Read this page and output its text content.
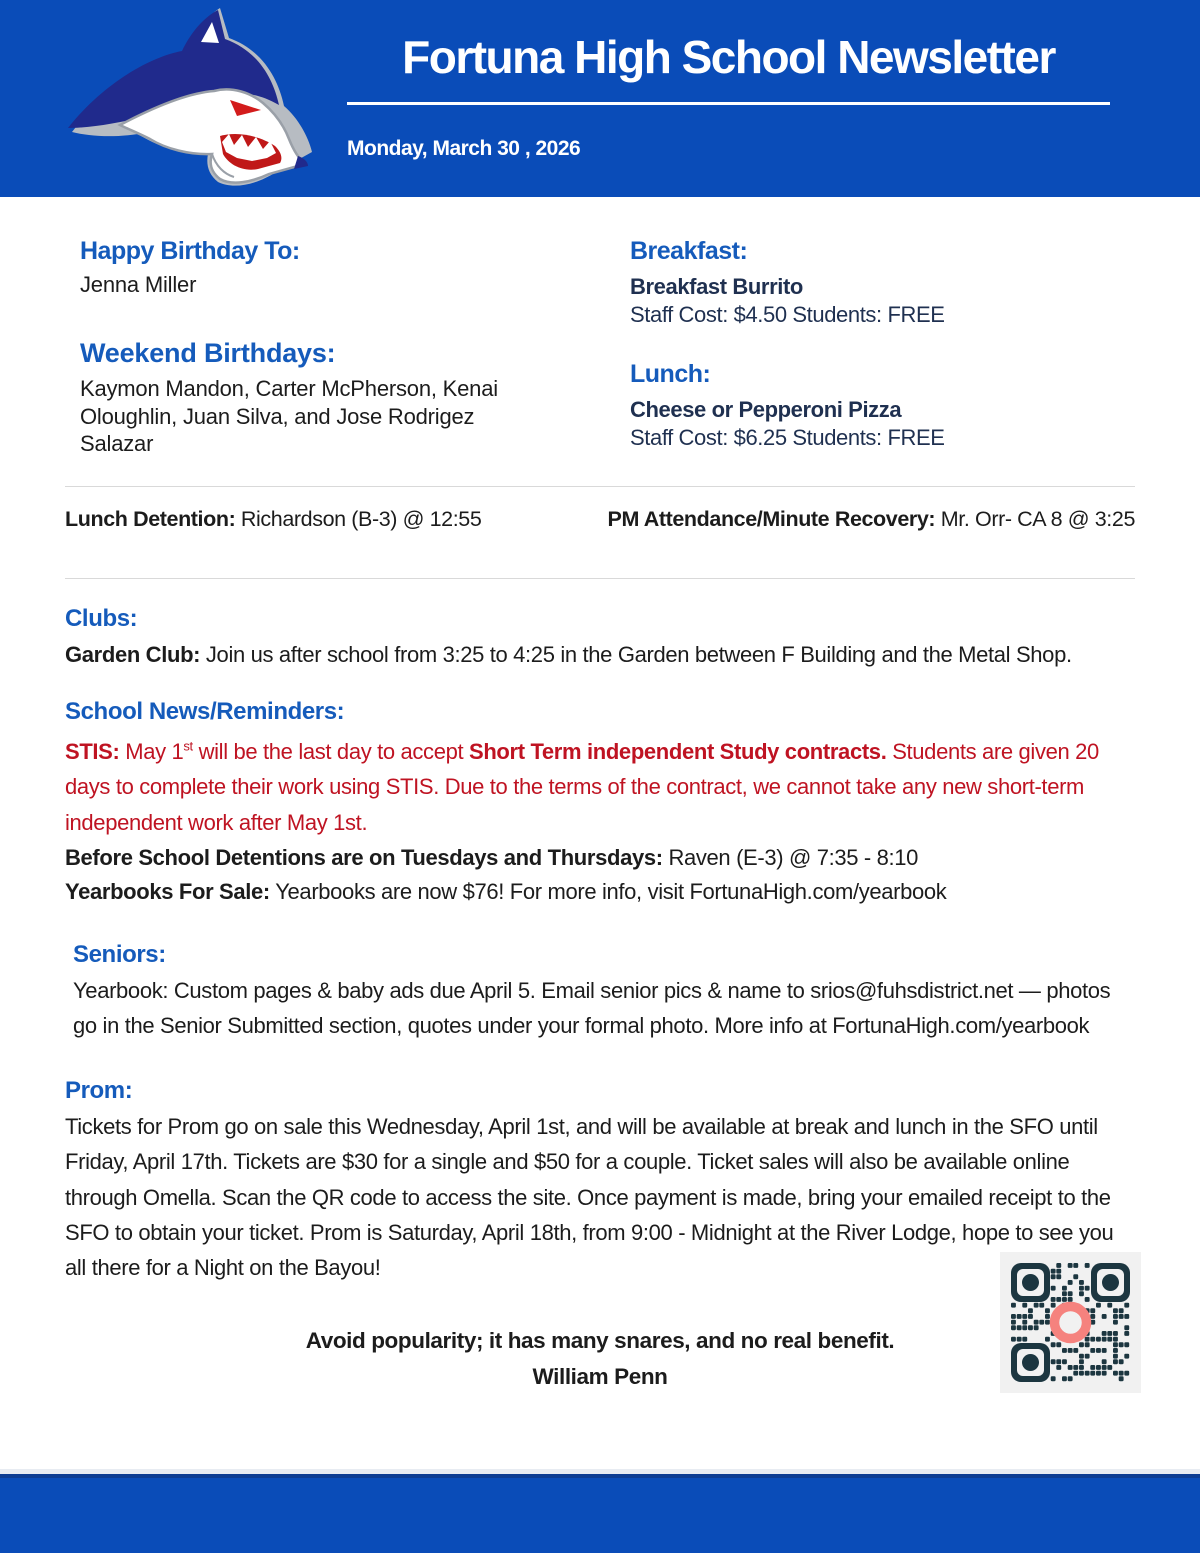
Fortuna High School Newsletter
Monday, March 30 , 2026
Happy Birthday To:
Jenna Miller
Weekend Birthdays:
Kaymon Mandon, Carter McPherson, Kenai Oloughlin, Juan Silva, and Jose Rodrigez Salazar
Breakfast:
Breakfast Burrito
Staff Cost: $4.50 Students: FREE
Lunch:
Cheese or Pepperoni Pizza
Staff Cost: $6.25 Students: FREE
Lunch Detention: Richardson (B-3) @ 12:55	PM Attendance/Minute Recovery: Mr. Orr- CA 8 @ 3:25
Clubs:

Garden Club: Join us after school from 3:25 to 4:25 in the Garden between F Building and the Metal Shop.

School News/Reminders:

STIS: May 1st will be the last day to accept Short Term independent Study contracts. Students are given 20 days to complete their work using STIS. Due to the terms of the contract, we cannot take any new short-term independent work after May 1st.

Before School Detentions are on Tuesdays and Thursdays: Raven (E-3) @ 7:35 - 8:10
Yearbooks For Sale: Yearbooks are now $76! For more info, visit FortunaHigh.com/yearbook
Seniors:

Yearbook: Custom pages & baby ads due April 5. Email senior pics & name to srios@fuhsdistrict.net — photos go in the Senior Submitted section, quotes under your formal photo. More info at FortunaHigh.com/yearbook

Prom:

Tickets for Prom go on sale this Wednesday, April 1st, and will be available at break and lunch in the SFO until Friday, April 17th. Tickets are $30 for a single and $50 for a couple. Ticket sales will also be available online through Omella. Scan the QR code to access the site. Once payment is made, bring your emailed receipt to the SFO to obtain your ticket. Prom is Saturday, April 18th, from 9:00 - Midnight at the River Lodge, hope to see you all there for a Night on the Bayou!

Avoid popularity; it has many snares, and no real benefit.
William Penn
